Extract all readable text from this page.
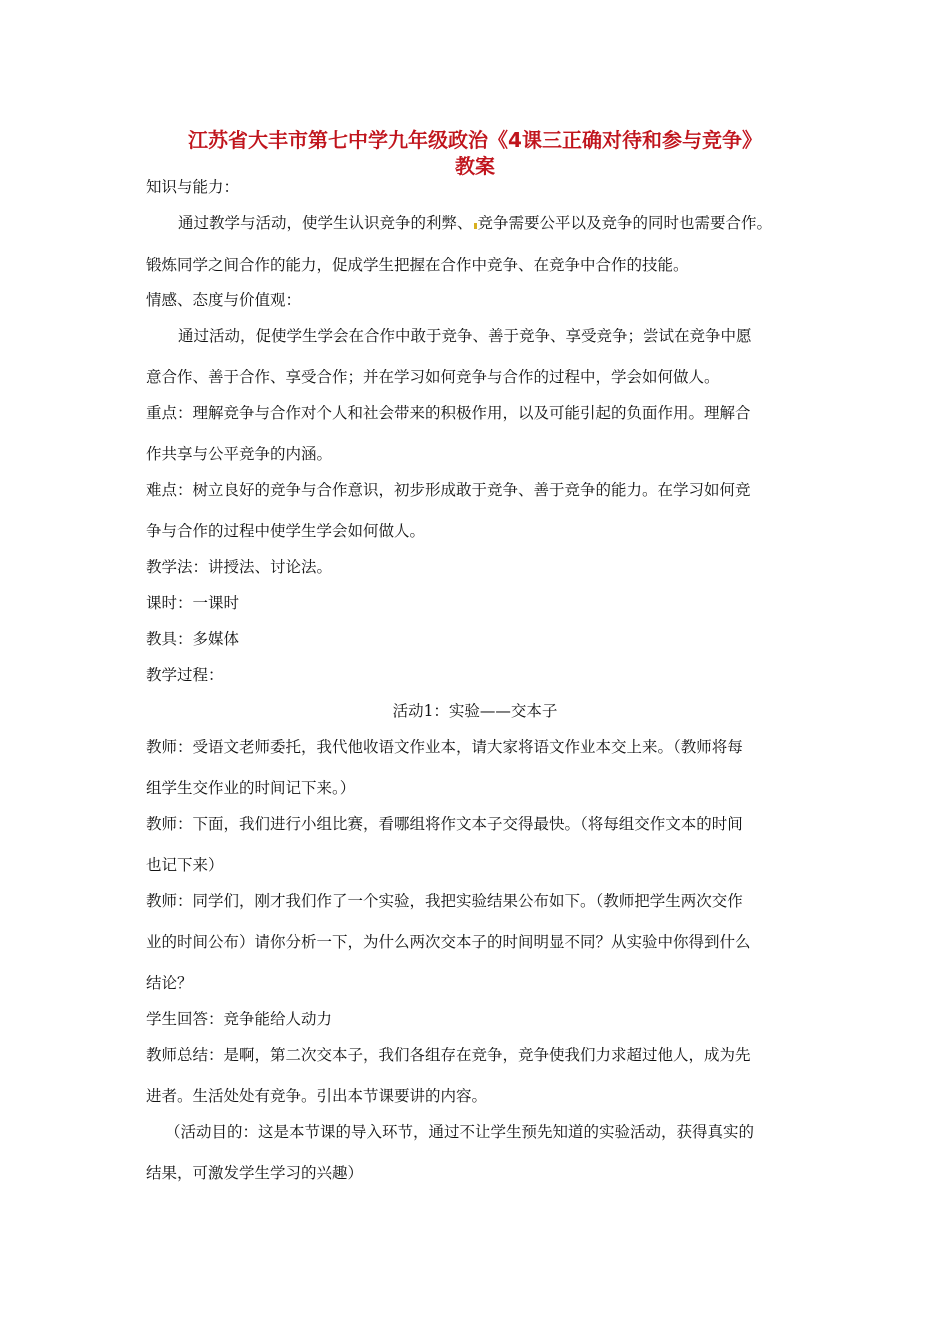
江苏省大丰市第七中学九年级政治《4课三正确对待和参与竞争》
教案
知识与能力：
通过教学与活动，使学生认识竞争的利弊、 竞争需要公平以及竞争的同时也需要合作。
锻炼同学之间合作的能力，促成学生把握在合作中竞争、在竞争中合作的技能。
情感、态度与价值观：
通过活动，促使学生学会在合作中敢于竞争、善于竞争、享受竞争；尝试在竞争中愿
意合作、善于合作、享受合作；并在学习如何竞争与合作的过程中，学会如何做人。
重点：理解竞争与合作对个人和社会带来的积极作用，以及可能引起的负面作用。理解合
作共享与公平竞争的内涵。
难点：树立良好的竞争与合作意识，初步形成敢于竞争、善于竞争的能力。在学习如何竞
争与合作的过程中使学生学会如何做人。
教学法：讲授法、讨论法。
课时：一课时
教具：多媒体
教学过程：
活动1：实验——交本子
教师：受语文老师委托，我代他收语文作业本，请大家将语文作业本交上来。（教师将每
组学生交作业的时间记下来。）
教师：下面，我们进行小组比赛，看哪组将作文本子交得最快。（将每组交作文本的时间
也记下来）
教师：同学们，刚才我们作了一个实验，我把实验结果公布如下。（教师把学生两次交作
业的时间公布）请你分析一下，为什么两次交本子的时间明显不同？从实验中你得到什么
结论？
学生回答：竞争能给人动力
教师总结：是啊，第二次交本子，我们各组存在竞争，竞争使我们力求超过他人，成为先
进者。生活处处有竞争。引出本节课要讲的内容。
（活动目的：这是本节课的导入环节，通过不让学生预先知道的实验活动，获得真实的
结果，可激发学生学习的兴趣）
